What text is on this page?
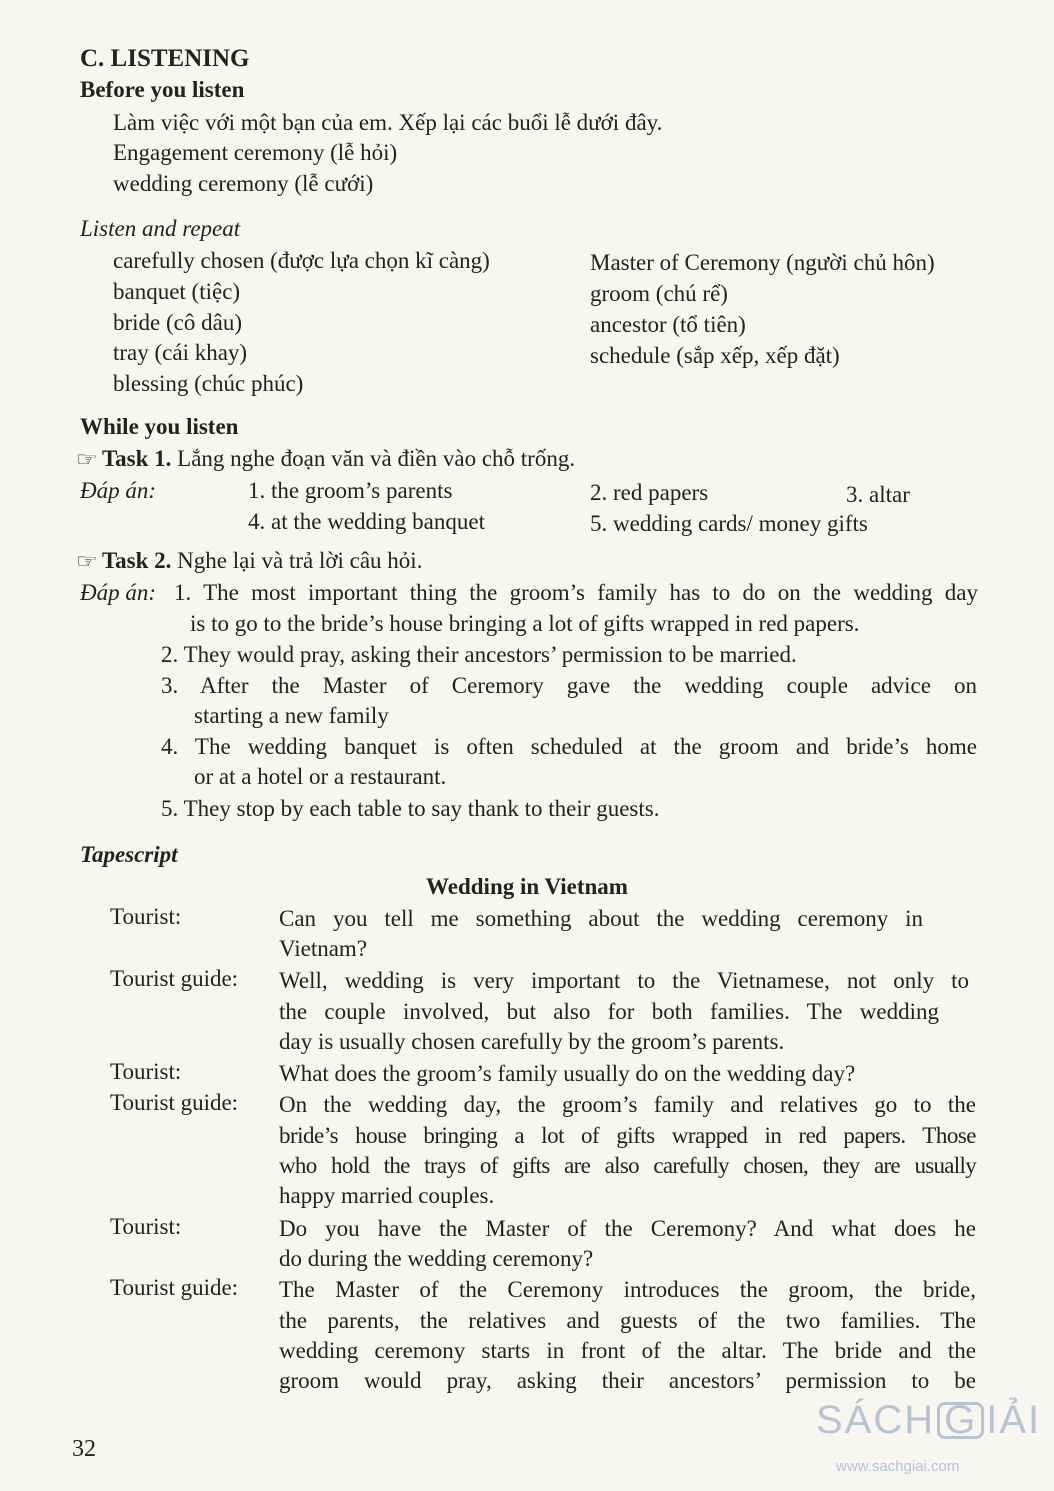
C. LISTENING
Before you listen
Làm việc với một bạn của em. Xếp lại các buổi lễ dưới đây.
Engagement ceremony (lễ hỏi)
wedding ceremony (lễ cưới)
Listen and repeat
carefully chosen (được lựa chọn kĩ càng)
banquet (tiệc)
bride (cô dâu)
tray (cái khay)
blessing (chúc phúc)
Master of Ceremony (người chủ hôn)
groom (chú rể)
ancestor (tổ tiên)
schedule (sắp xếp, xếp đặt)
While you listen
☞ Task 1. Lắng nghe đoạn văn và điền vào chỗ trống.
Đáp án:	1. the groom’s parents	2. red papers	3. altar
4. at the wedding banquet	5. wedding cards/ money gifts
☞ Task 2. Nghe lại và trả lời câu hỏi.
Đáp án: 1. The most important thing the groom’s family has to do on the wedding day
is to go to the bride’s house bringing a lot of gifts wrapped in red papers.
2. They would pray, asking their ancestors’ permission to be married.
3. After the Master of Ceremory gave the wedding couple advice on
starting a new family
4. The wedding banquet is often scheduled at the groom and bride’s home
or at a hotel or a restaurant.
5. They stop by each table to say thank to their guests.
Tapescript
Wedding in Vietnam
Tourist:	Can you tell me something about the wedding ceremony in
Vietnam?
Tourist guide: Well, wedding is very important to the Vietnamese, not only to
the couple involved, but also for both families. The wedding
day is usually chosen carefully by the groom’s parents.
Tourist:	What does the groom’s family usually do on the wedding day?
Tourist guide: On the wedding day, the groom’s family and relatives go to the
bride’s house bringing a lot of gifts wrapped in red papers. Those
who hold the trays of gifts are also carefully chosen, they are usually
happy married couples.
Tourist:	Do you have the Master of the Ceremony? And what does he
do during the wedding ceremony?
Tourist guide: The Master of the Ceremony introduces the groom, the bride,
the parents, the relatives and guests of the two families. The
wedding ceremony starts in front of the altar. The bride and the
groom would pray, asking their ancestors’ permission to be
32
SÁCH G IẢI
www.sachgiai.com
